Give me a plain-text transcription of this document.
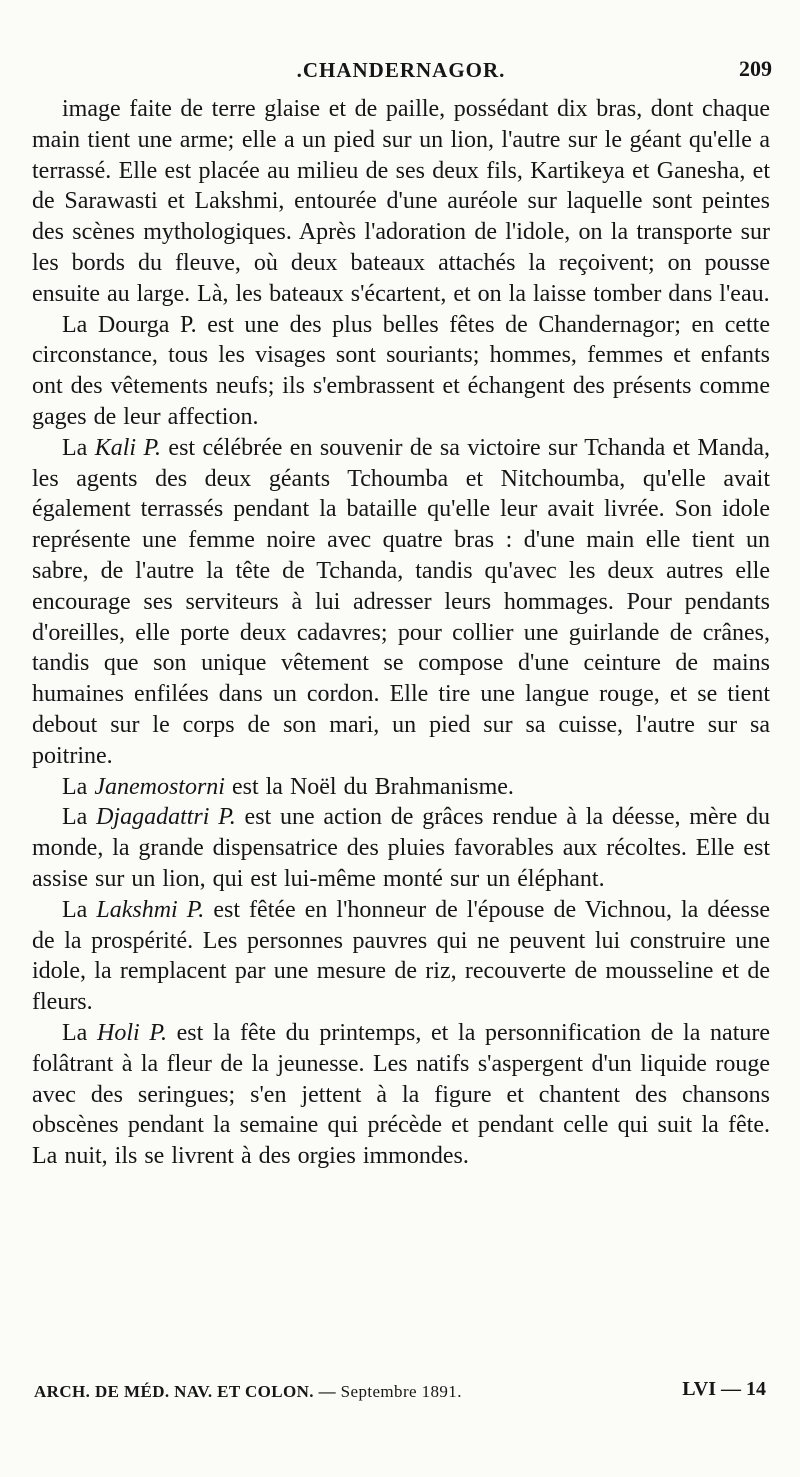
.CHANDERNAGOR.	209

image faite de terre glaise et de paille, possédant dix bras, dont chaque main tient une arme; elle a un pied sur un lion, l'autre sur le géant qu'elle a terrassé. Elle est placée au milieu de ses deux fils, Kartikeya et Ganesha, et de Sarawasti et Lakshmi, entourée d'une auréole sur laquelle sont peintes des scènes mythologiques. Après l'adoration de l'idole, on la transporte sur les bords du fleuve, où deux bateaux attachés la reçoivent; on pousse ensuite au large. Là, les bateaux s'écartent, et on la laisse tomber dans l'eau.

La Dourga P. est une des plus belles fêtes de Chandernagor; en cette circonstance, tous les visages sont souriants; hommes, femmes et enfants ont des vêtements neufs; ils s'embrassent et échangent des présents comme gages de leur affection.

La Kali P. est célébrée en souvenir de sa victoire sur Tchanda et Manda, les agents des deux géants Tchoumba et Nitchoumba, qu'elle avait également terrassés pendant la bataille qu'elle leur avait livrée. Son idole représente une femme noire avec quatre bras : d'une main elle tient un sabre, de l'autre la tête de Tchanda, tandis qu'avec les deux autres elle encourage ses serviteurs à lui adresser leurs hommages. Pour pendants d'oreilles, elle porte deux cadavres; pour collier une guirlande de crânes, tandis que son unique vêtement se compose d'une ceinture de mains humaines enfilées dans un cordon. Elle tire une langue rouge, et se tient debout sur le corps de son mari, un pied sur sa cuisse, l'autre sur sa poitrine.

La Janemostorni est la Noël du Brahmanisme.

La Djagadattri P. est une action de grâces rendue à la déesse, mère du monde, la grande dispensatrice des pluies favorables aux récoltes. Elle est assise sur un lion, qui est lui-même monté sur un éléphant.

La Lakshmi P. est fêtée en l'honneur de l'épouse de Vichnou, la déesse de la prospérité. Les personnes pauvres qui ne peuvent lui construire une idole, la remplacent par une mesure de riz, recouverte de mousseline et de fleurs.

La Holi P. est la fête du printemps, et la personnification de la nature folâtrant à la fleur de la jeunesse. Les natifs s'aspergent d'un liquide rouge avec des seringues; s'en jettent à la figure et chantent des chansons obscènes pendant la semaine qui précède et pendant celle qui suit la fête. La nuit, ils se livrent à des orgies immondes.

ARCH. DE MÉD. NAV. ET COLON. — Septembre 1891.	LVI — 14
